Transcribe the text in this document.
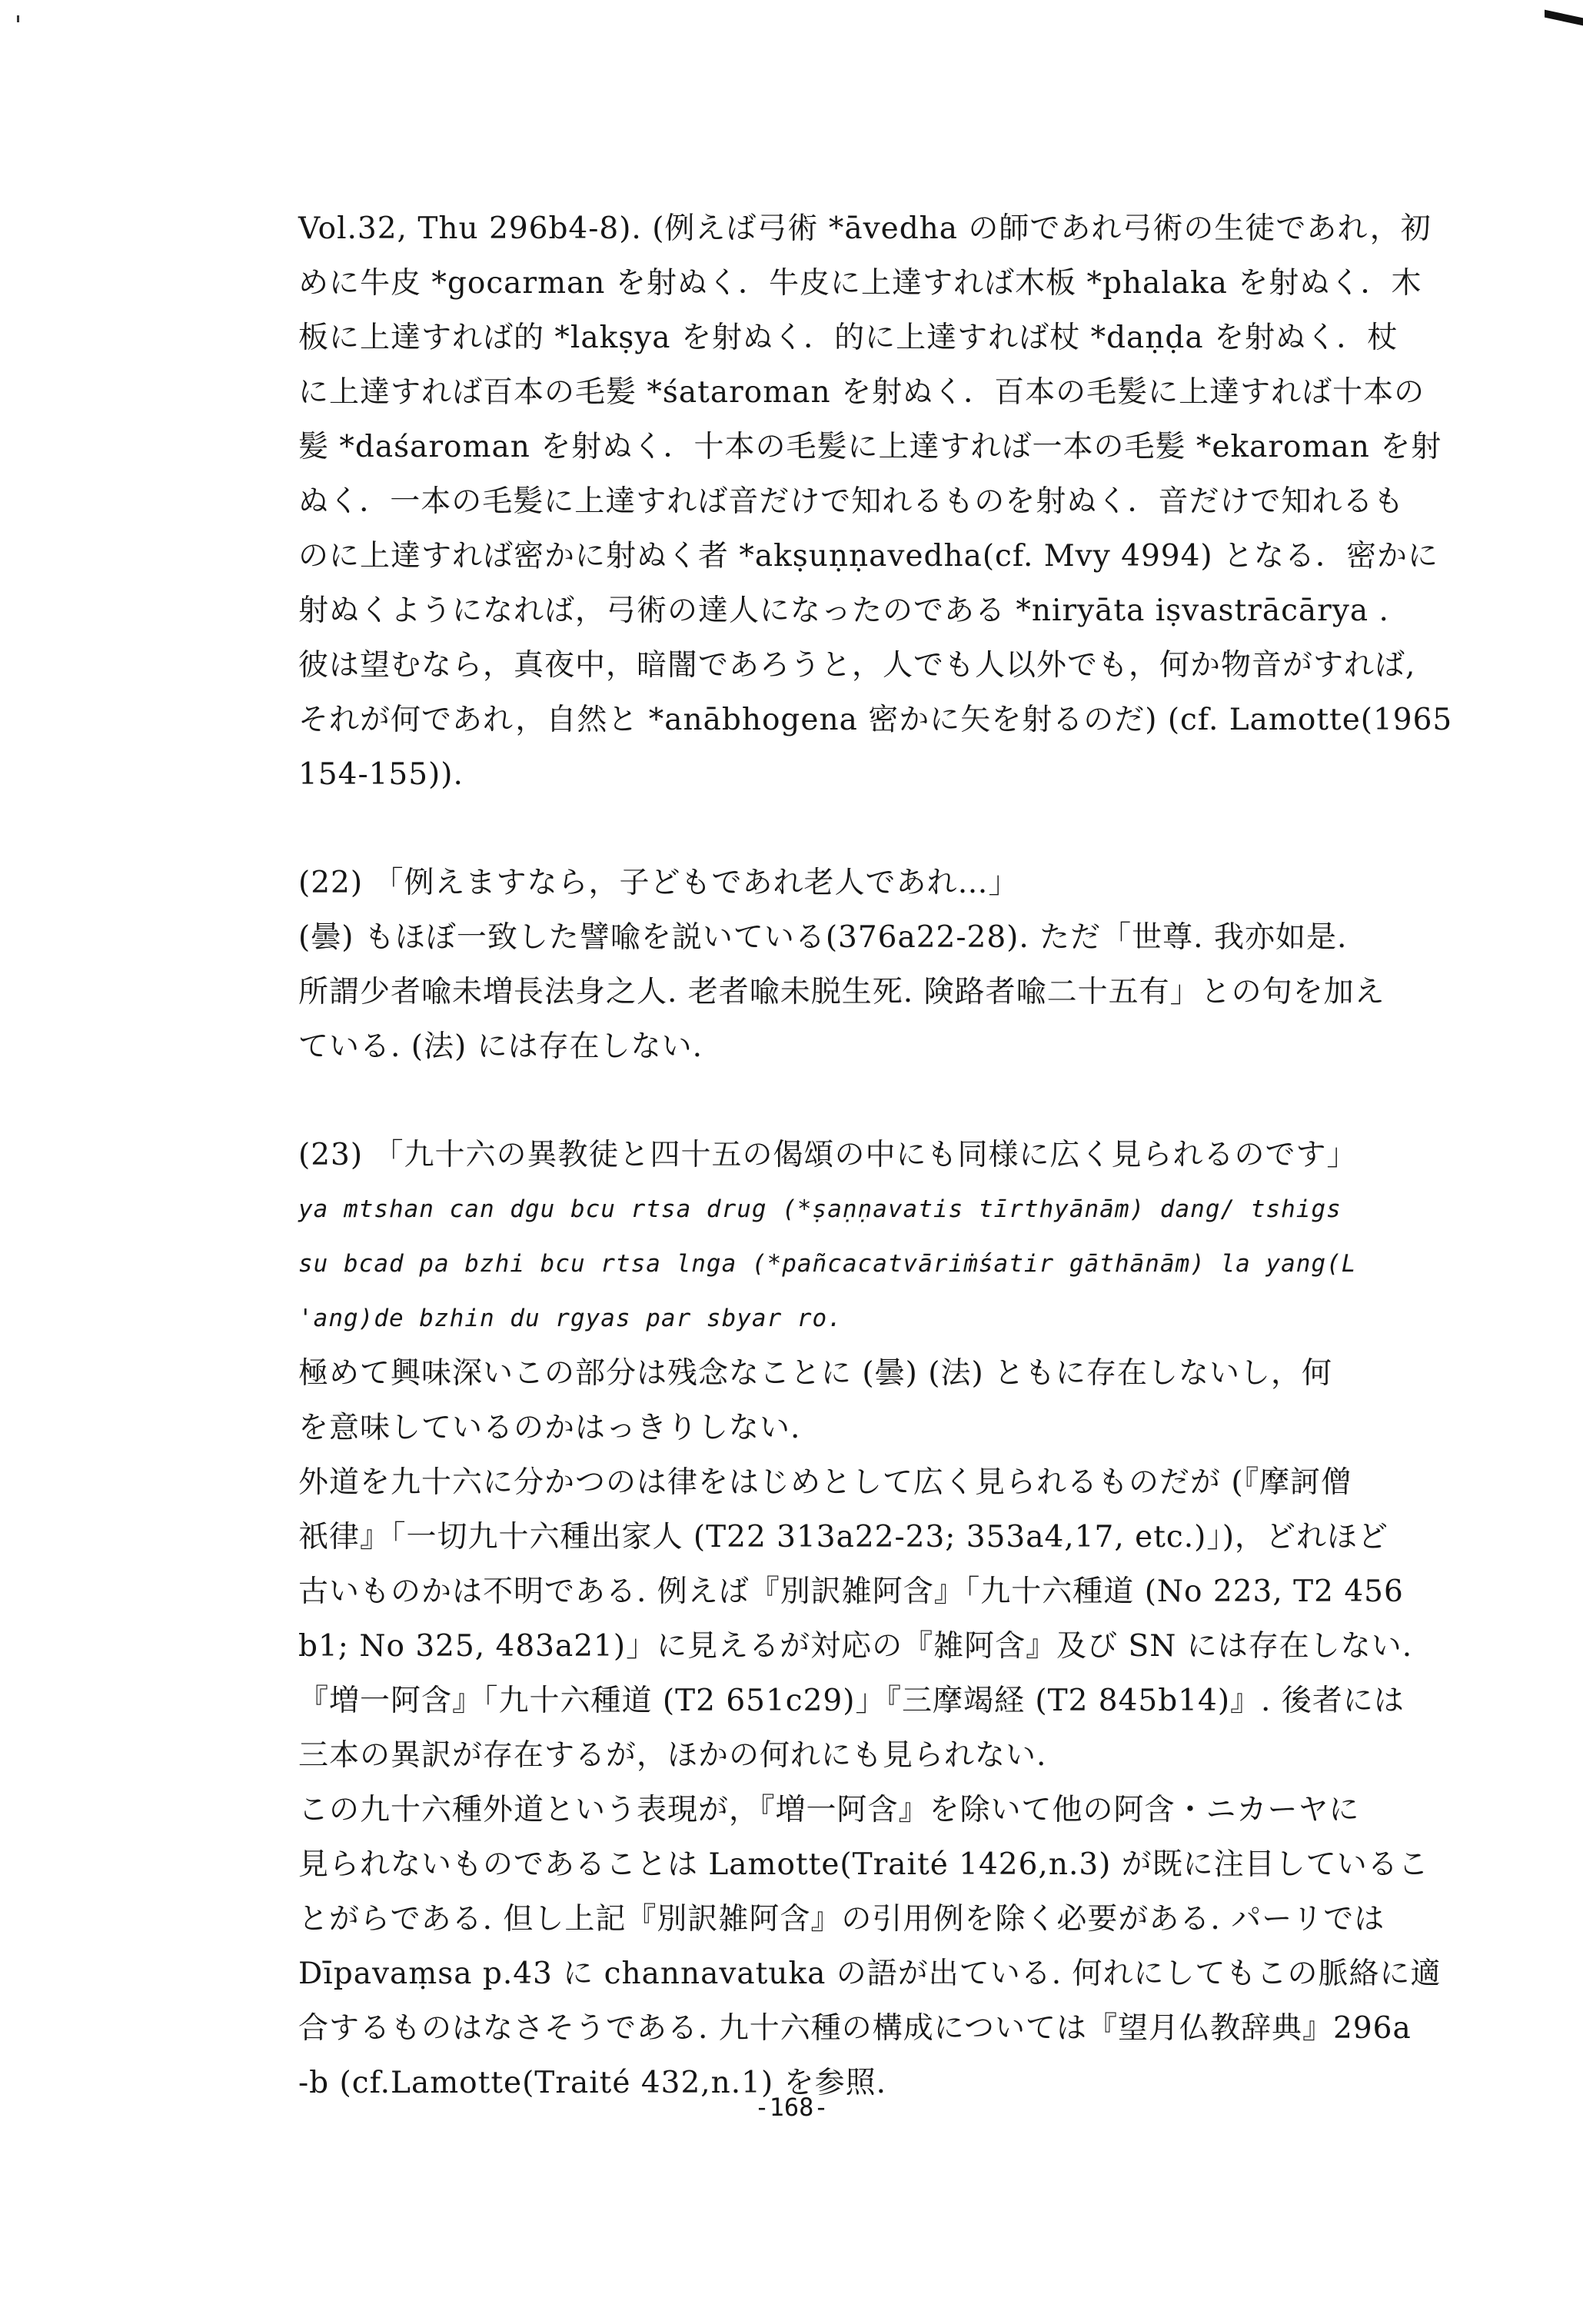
Vol.32, Thu 296b4-8). (例えば弓術 *āvedha の師であれ弓術の生徒であれ，初
めに牛皮 *gocarman を射ぬく．牛皮に上達すれば木板 *phalaka を射ぬく．木
板に上達すれば的 *lakṣya を射ぬく．的に上達すれば杖 *daṇḍa を射ぬく．杖
に上達すれば百本の毛髪 *śataroman を射ぬく．百本の毛髪に上達すれば十本の
髪 *daśaroman を射ぬく．十本の毛髪に上達すれば一本の毛髪 *ekaroman を射
ぬく．一本の毛髪に上達すれば音だけで知れるものを射ぬく．音だけで知れるも
のに上達すれば密かに射ぬく者 *akṣuṇṇavedha(cf. Mvy 4994) となる．密かに
射ぬくようになれば，弓術の達人になったのである *niryāta iṣvastrācārya .
彼は望むなら，真夜中，暗闇であろうと，人でも人以外でも，何か物音がすれば,
それが何であれ，自然と *anābhogena 密かに矢を射るのだ) (cf. Lamotte(1965
154-155)).
(22) 「例えますなら，子どもであれ老人であれ…」
(曇) もほぼ一致した譬喩を説いている(376a22-28). ただ「世尊. 我亦如是.
所謂少者喩未増長法身之人. 老者喩未脱生死. 険路者喩二十五有」との句を加え
ている. (法) には存在しない.
(23) 「九十六の異教徒と四十五の偈頌の中にも同様に広く見られるのです」
ya mtshan can dgu bcu rtsa drug (*ṣaṇṇavatis tīrthyānām) dang/ tshigs
su bcad pa bzhi bcu rtsa lnga (*pañcacatvāriṁśatir gāthānām) la yang(L
'ang)de bzhin du rgyas par sbyar ro.
極めて興味深いこの部分は残念なことに (曇) (法) ともに存在しないし，何
を意味しているのかはっきりしない.
外道を九十六に分かつのは律をはじめとして広く見られるものだが (『摩訶僧
祇律』「一切九十六種出家人 (T22 313a22-23; 353a4,17, etc.)」)，どれほど
古いものかは不明である. 例えば『別訳雑阿含』「九十六種道 (No 223, T2 456
b1; No 325, 483a21)」に見えるが対応の『雑阿含』及び SN には存在しない.
『増一阿含』「九十六種道 (T2 651c29)」『三摩竭経 (T2 845b14)』. 後者には
三本の異訳が存在するが，ほかの何れにも見られない.
この九十六種外道という表現が，『増一阿含』を除いて他の阿含・ニカーヤに
見られないものであることは Lamotte(Traité 1426,n.3) が既に注目しているこ
とがらである. 但し上記『別訳雑阿含』の引用例を除く必要がある. パーリでは
Dīpavaṃsa p.43 に channavatuka の語が出ている. 何れにしてもこの脈絡に適
合するものはなさそうである. 九十六種の構成については『望月仏教辞典』296a
-b (cf.Lamotte(Traité 432,n.1) を参照.
-168-
